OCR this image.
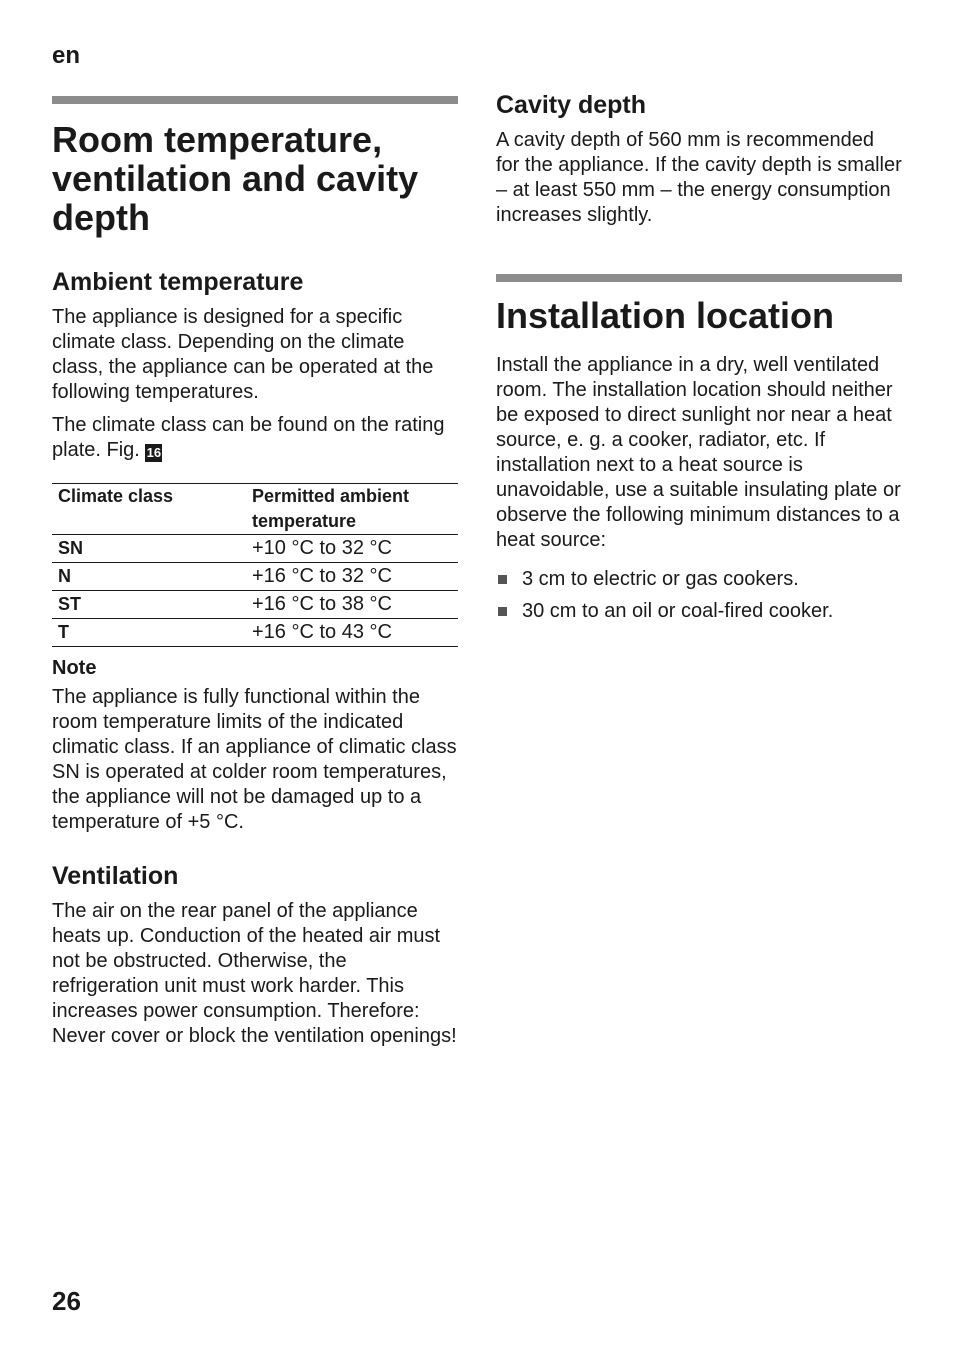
en
Room temperature, ventilation and cavity depth
Ambient temperature

The appliance is designed for a specific climate class. Depending on the climate class, the appliance can be operated at the following temperatures.

The climate class can be found on the rating plate. Fig. 16

Climate class	Permitted ambient temperature
SN	+10 °C to 32 °C
N	+16 °C to 32 °C
ST	+16 °C to 38 °C
T	+16 °C to 43 °C
Note

The appliance is fully functional within the room temperature limits of the indicated climatic class. If an appliance of climatic class SN is operated at colder room temperatures, the appliance will not be damaged up to a temperature of +5 °C.

Ventilation

The air on the rear panel of the appliance heats up. Conduction of the heated air must not be obstructed. Otherwise, the refrigeration unit must work harder. This increases power consumption. Therefore: Never cover or block the ventilation openings!

Cavity depth

A cavity depth of 560 mm is recommended for the appliance. If the cavity depth is smaller – at least 550 mm – the energy consumption increases slightly.

Installation location

Install the appliance in a dry, well ventilated room. The installation location should neither be exposed to direct sunlight nor near a heat source, e. g. a cooker, radiator, etc. If installation next to a heat source is unavoidable, use a suitable insulating plate or observe the following minimum distances to a heat source:

3 cm to electric or gas cookers.
30 cm to an oil or coal-fired cooker.
26
